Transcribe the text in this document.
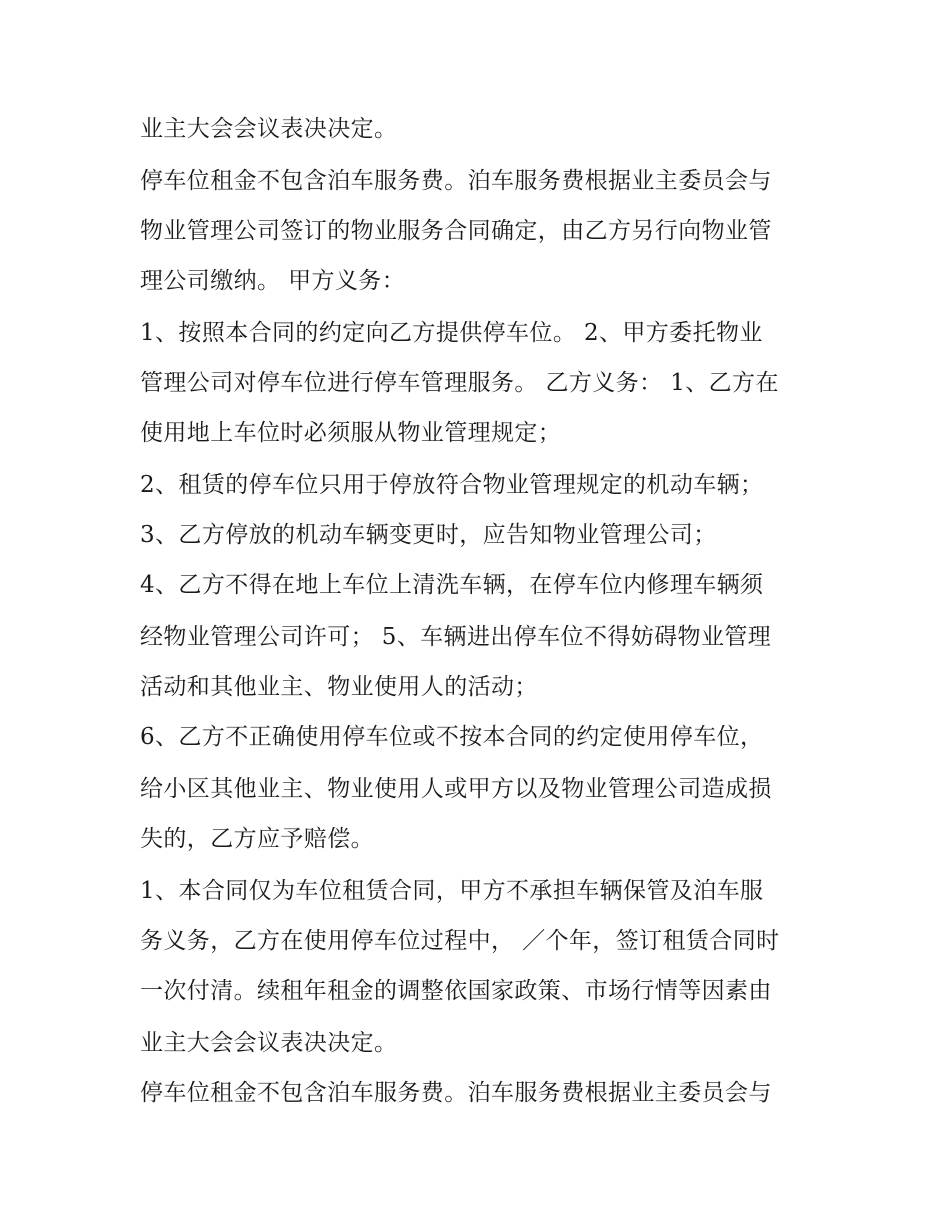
业主大会会议表决决定。
停车位租金不包含泊车服务费。泊车服务费根据业主委员会与
物业管理公司签订的物业服务合同确定，由乙方另行向物业管
理公司缴纳。 甲方义务：
1、按照本合同的约定向乙方提供停车位。 2、甲方委托物业
管理公司对停车位进行停车管理服务。 乙方义务： 1、乙方在
使用地上车位时必须服从物业管理规定；
2、租赁的停车位只用于停放符合物业管理规定的机动车辆；
3、乙方停放的机动车辆变更时，应告知物业管理公司；
4、乙方不得在地上车位上清洗车辆，在停车位内修理车辆须
经物业管理公司许可； 5、车辆进出停车位不得妨碍物业管理
活动和其他业主、物业使用人的活动；
6、乙方不正确使用停车位或不按本合同的约定使用停车位，
给小区其他业主、物业使用人或甲方以及物业管理公司造成损
失的，乙方应予赔偿。
1、本合同仅为车位租赁合同，甲方不承担车辆保管及泊车服
务义务，乙方在使用停车位过程中， ／个年，签订租赁合同时
一次付清。续租年租金的调整依国家政策、市场行情等因素由
业主大会会议表决决定。
停车位租金不包含泊车服务费。泊车服务费根据业主委员会与
